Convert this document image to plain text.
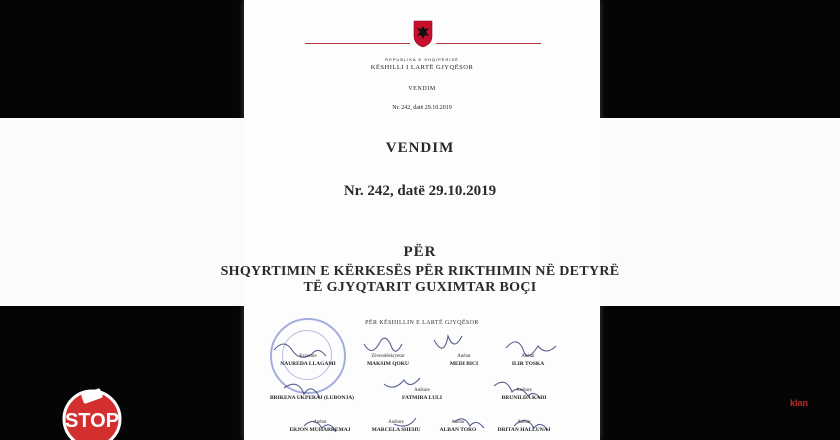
REPUBLIKA E SHQIPËRISË
KËSHILLI I LARTË GJYQËSOR
VENDIM
Nr. 242, datë 29.10.2019
VENDIM
Nr. 242, datë 29.10.2019
PËR
SHQYRTIMIN E KËRKESËS PËR RIKTHIMIN NË DETYRË
TË GJYQTARIT GUXIMTAR BOÇI
PËR KËSHILLIN E LARTË GJYQËSOR
Kryetare
NAUREDA LLAGAMI
Zëvendëskryetar
MAKSIM QOKU
Anëtar
MEDI BICI
Anëtar
ILIR TOSKA
BRIKENA UKPERAJ (LUBONJA)
Anëtare
FATMIRA LULI
Anëtare
BRUNILDA KADI
Anëtar
ERJON MUHARREMAJ
Anëtare
MARCELA SHEHU
Anëtar
ALBAN TORO
Anëtar
DRITAN HALLUNAJ
STOP
klan
